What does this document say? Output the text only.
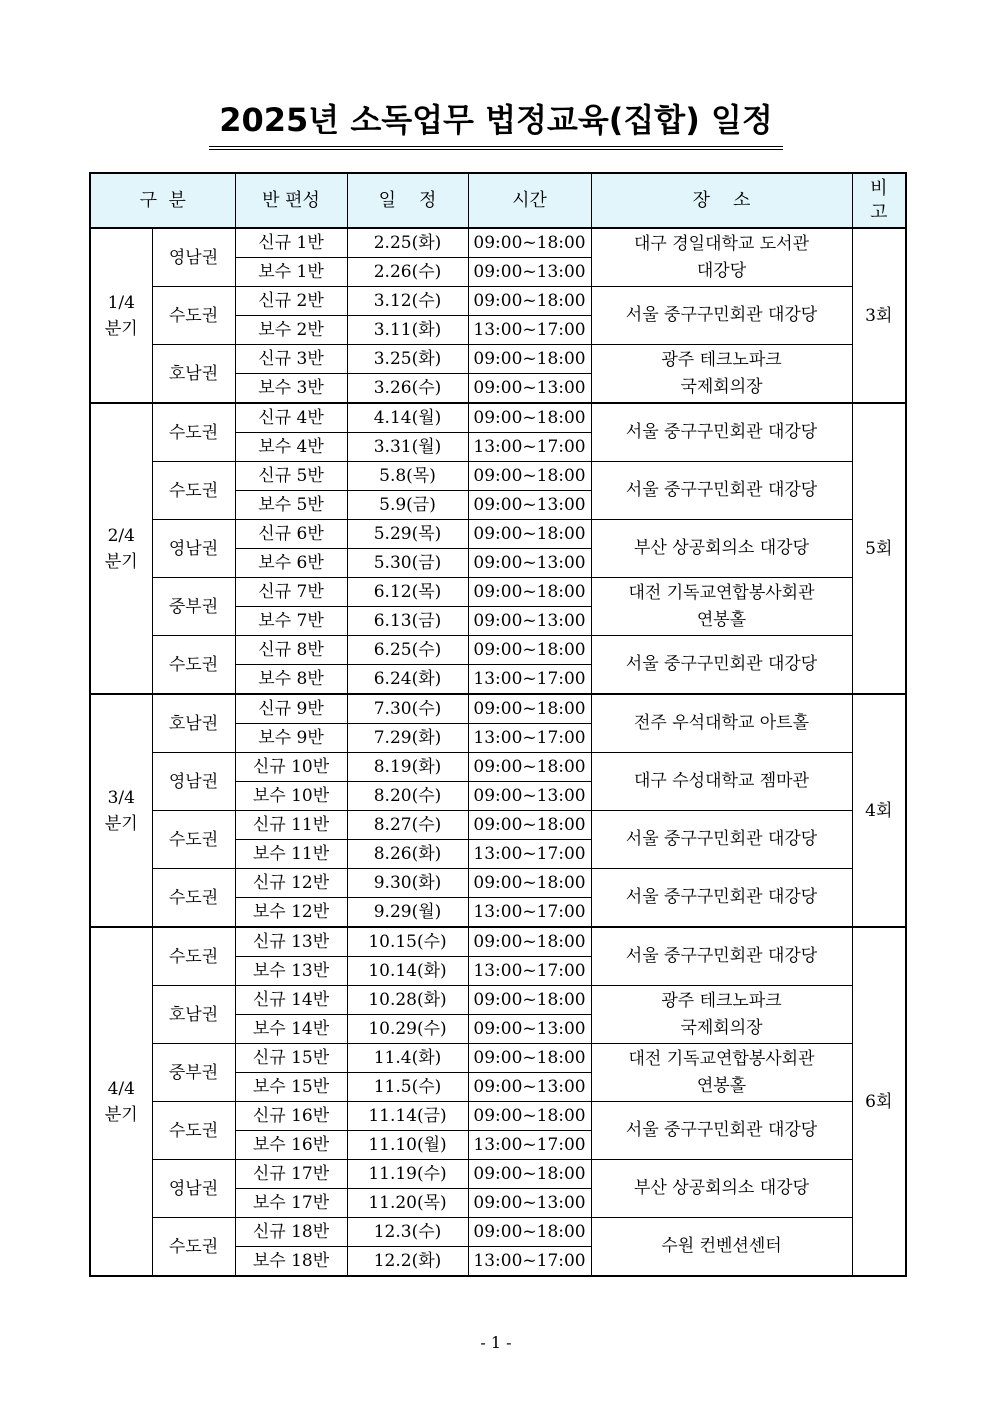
2025년 소독업무 법정교육(집합) 일정
구  분		반 편성	일    정	시간	장    소	비
고
1/4
분기	영남권	신규 1반	2.25(화)	09:00~18:00	대구 경일대학교 도서관
대강당	3회
		보수 1반	2.26(수)	09:00~13:00		
	수도권	신규 2반	3.12(수)	09:00~18:00	서울 중구구민회관 대강당	
		보수 2반	3.11(화)	13:00~17:00		
	호남권	신규 3반	3.25(화)	09:00~18:00	광주 테크노파크
국제회의장	
		보수 3반	3.26(수)	09:00~13:00		
2/4
분기	수도권	신규 4반	4.14(월)	09:00~18:00	서울 중구구민회관 대강당	5회
		보수 4반	3.31(월)	13:00~17:00		
	수도권	신규 5반	5.8(목)	09:00~18:00	서울 중구구민회관 대강당	
		보수 5반	5.9(금)	09:00~13:00		
	영남권	신규 6반	5.29(목)	09:00~18:00	부산 상공회의소 대강당	
		보수 6반	5.30(금)	09:00~13:00		
	중부권	신규 7반	6.12(목)	09:00~18:00	대전 기독교연합봉사회관
연봉홀	
		보수 7반	6.13(금)	09:00~13:00		
	수도권	신규 8반	6.25(수)	09:00~18:00	서울 중구구민회관 대강당	
		보수 8반	6.24(화)	13:00~17:00		
3/4
분기	호남권	신규 9반	7.30(수)	09:00~18:00	전주 우석대학교 아트홀	4회
		보수 9반	7.29(화)	13:00~17:00		
	영남권	신규 10반	8.19(화)	09:00~18:00	대구 수성대학교 젬마관	
		보수 10반	8.20(수)	09:00~13:00		
	수도권	신규 11반	8.27(수)	09:00~18:00	서울 중구구민회관 대강당	
		보수 11반	8.26(화)	13:00~17:00		
	수도권	신규 12반	9.30(화)	09:00~18:00	서울 중구구민회관 대강당	
		보수 12반	9.29(월)	13:00~17:00		
4/4
분기	수도권	신규 13반	10.15(수)	09:00~18:00	서울 중구구민회관 대강당	6회
		보수 13반	10.14(화)	13:00~17:00		
	호남권	신규 14반	10.28(화)	09:00~18:00	광주 테크노파크
국제회의장	
		보수 14반	10.29(수)	09:00~13:00		
	중부권	신규 15반	11.4(화)	09:00~18:00	대전 기독교연합봉사회관
연봉홀	
		보수 15반	11.5(수)	09:00~13:00		
	수도권	신규 16반	11.14(금)	09:00~18:00	서울 중구구민회관 대강당	
		보수 16반	11.10(월)	13:00~17:00		
	영남권	신규 17반	11.19(수)	09:00~18:00	부산 상공회의소 대강당	
		보수 17반	11.20(목)	09:00~13:00		
	수도권	신규 18반	12.3(수)	09:00~18:00	수원 컨벤션센터	
		보수 18반	12.2(화)	13:00~17:00		
- 1 -
